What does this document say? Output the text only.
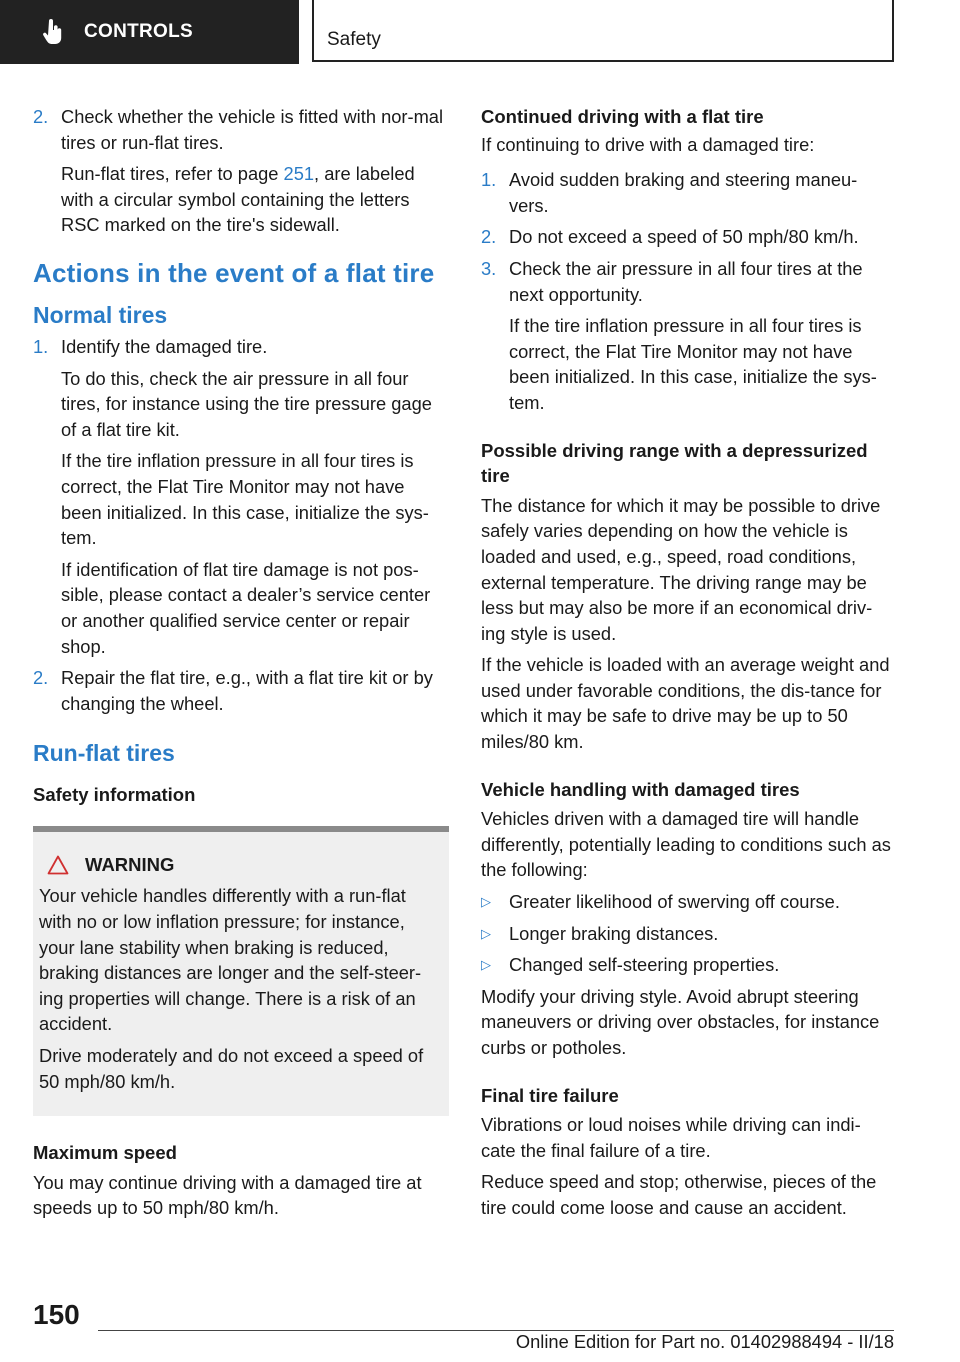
CONTROLS	Safety
2. Check whether the vehicle is fitted with nor‐mal tires or run-flat tires.

Run-flat tires, refer to page 251, are labeled with a circular symbol containing the letters RSC marked on the tire's sidewall.

Actions in the event of a flat tire
Normal tires
1. Identify the damaged tire.

To do this, check the air pressure in all four tires, for instance using the tire pressure gage of a flat tire kit.

If the tire inflation pressure in all four tires is correct, the Flat Tire Monitor may not have been initialized. In this case, initialize the sys‐tem.

If identification of flat tire damage is not pos‐sible, please contact a dealer’s service center or another qualified service center or repair shop.

2. Repair the flat tire, e.g., with a flat tire kit or by changing the wheel.

Run-flat tires
Safety information
WARNING

Your vehicle handles differently with a run-flat with no or low inflation pressure; for instance, your lane stability when braking is reduced, braking distances are longer and the self-steer‐ing properties will change. There is a risk of an accident.

Drive moderately and do not exceed a speed of 50 mph/80 km/h.

Maximum speed

You may continue driving with a damaged tire at speeds up to 50 mph/80 km/h.

Continued driving with a flat tire

If continuing to drive with a damaged tire:

1. Avoid sudden braking and steering maneu‐vers.

2. Do not exceed a speed of 50 mph/80 km/h.

3. Check the air pressure in all four tires at the next opportunity.

If the tire inflation pressure in all four tires is correct, the Flat Tire Monitor may not have been initialized. In this case, initialize the sys‐tem.

Possible driving range with a depressurized tire

The distance for which it may be possible to drive safely varies depending on how the vehicle is loaded and used, e.g., speed, road conditions, external temperature. The driving range may be less but may also be more if an economical driv‐ing style is used.

If the vehicle is loaded with an average weight and used under favorable conditions, the dis‐tance for which it may be safe to drive may be up to 50 miles/80 km.

Vehicle handling with damaged tires

Vehicles driven with a damaged tire will handle differently, potentially leading to conditions such as the following:

▷ Greater likelihood of swerving off course.
▷ Longer braking distances.
▷ Changed self-steering properties.

Modify your driving style. Avoid abrupt steering maneuvers or driving over obstacles, for instance curbs or potholes.

Final tire failure

Vibrations or loud noises while driving can indi‐cate the final failure of a tire.

Reduce speed and stop; otherwise, pieces of the tire could come loose and cause an accident.

150
Online Edition for Part no. 01402988494 - II/18
